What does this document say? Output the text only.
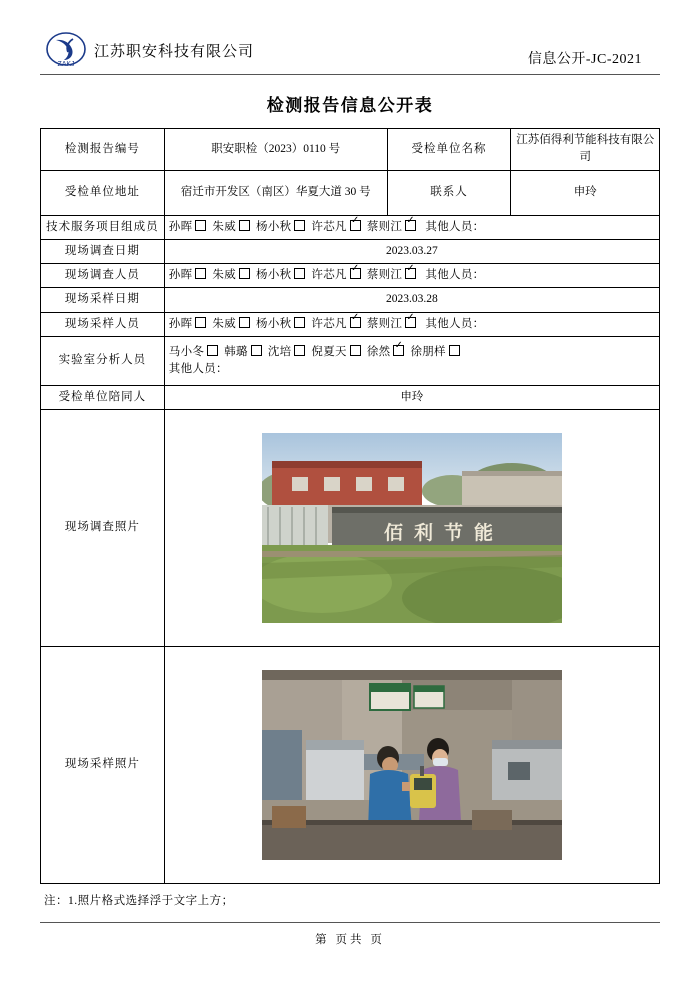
ZAKJ
江苏职安科技有限公司	信息公开-JC-2021
检测报告信息公开表
检测报告编号	职安职检（2023）0110 号	受检单位名称	江苏佰得利节能科技有限公司
受检单位地址	宿迁市开发区（南区）华夏大道 30 号	联系人	申玲
技术服务项目组成员	孙晖 朱威 杨小秋 许芯凡 ✓ 蔡则江 ✓ 其他人员：
现场调查日期	2023.03.27		
现场调查人员	孙晖 朱威 杨小秋 许芯凡 ✓ 蔡则江 ✓ 其他人员：
现场采样日期	2023.03.28		
现场采样人员	孙晖 朱威 杨小秋 许芯凡 ✓ 蔡则江 ✓ 其他人员：
实验室分析人员	马小冬 韩璐 沈培 倪夏天 徐然 ✓ 徐朋样
其他人员：

受检单位陪同人	申玲		
现场调查照片	佰 利 节 能		

现场采样照片	
注：1.照片格式选择浮于文字上方；
第 页共 页
